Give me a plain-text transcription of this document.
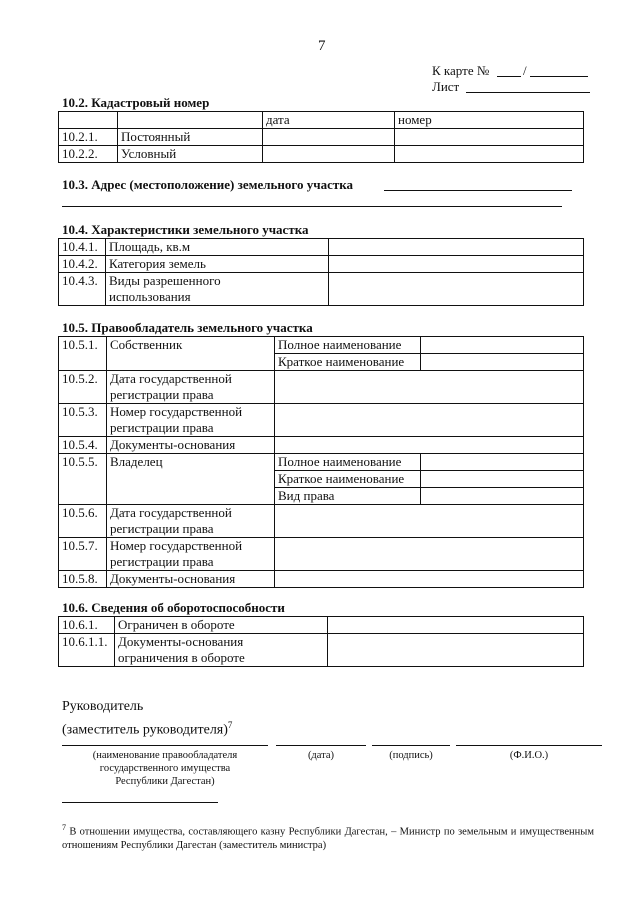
7
К карте №	/
Лист
10.2. Кадастровый номер
		дата	номер
10.2.1.	Постоянный		
10.2.2.	Условный		
10.3. Адрес (местоположение) земельного участка
10.4. Характеристики земельного участка
10.4.1.	Площадь, кв.м	
10.4.2.	Категория земель	
10.4.3.	Виды разрешенного
использования	
10.5. Правообладатель земельного участка
10.5.1.	Собственник	Полное наименование	
		Краткое наименование	
10.5.2.	Дата государственной
регистрации права		
10.5.3.	Номер государственной
регистрации права		
10.5.4.	Документы-основания		
10.5.5.	Владелец	Полное наименование	
		Краткое наименование	
		Вид права	
10.5.6.	Дата государственной
регистрации права		
10.5.7.	Номер государственной
регистрации права		
10.5.8.	Документы-основания		
10.6. Сведения об оборотоспособности
10.6.1.	Ограничен в обороте	
10.6.1.1.	Документы-основания
ограничения в обороте	
Руководитель
(заместитель руководителя)$^7$
(наименование правообладателя
государственного имущества
Республики Дагестан)
(дата)	(подпись)	(Ф.И.О.)
$^7$ В отношении имущества, составляющего казну Республики Дагестан, – Министр по земельным и имущественным отношениям Республики Дагестан (заместитель министра)
